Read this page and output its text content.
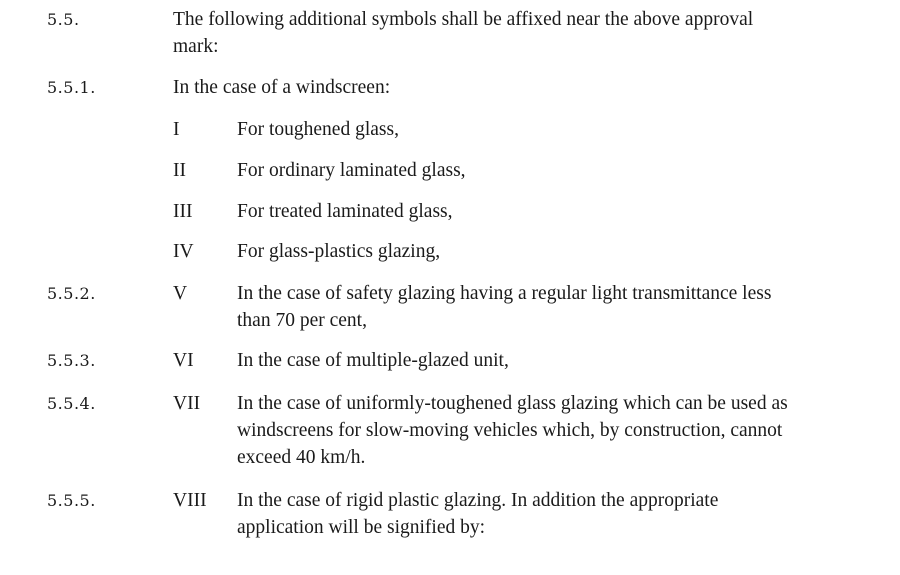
5.5.	The following additional symbols shall be affixed near the above approval
mark:
5.5.1.	In the case of a windscreen:
I	For toughened glass,
II	For ordinary laminated glass,
III For treated laminated glass,
IV For glass-plastics glazing,
5.5.2.	V	In the case of safety glazing having a regular light transmittance less
than 70 per cent,
5.5.3.	VI In the case of multiple-glazed unit,
5.5.4.	VII In the case of uniformly-toughened glass glazing which can be used as
windscreens for slow-moving vehicles which, by construction, cannot
exceed 40 km/h.
5.5.5.	VIII In the case of rigid plastic glazing. In addition the appropriate
application will be signified by:
